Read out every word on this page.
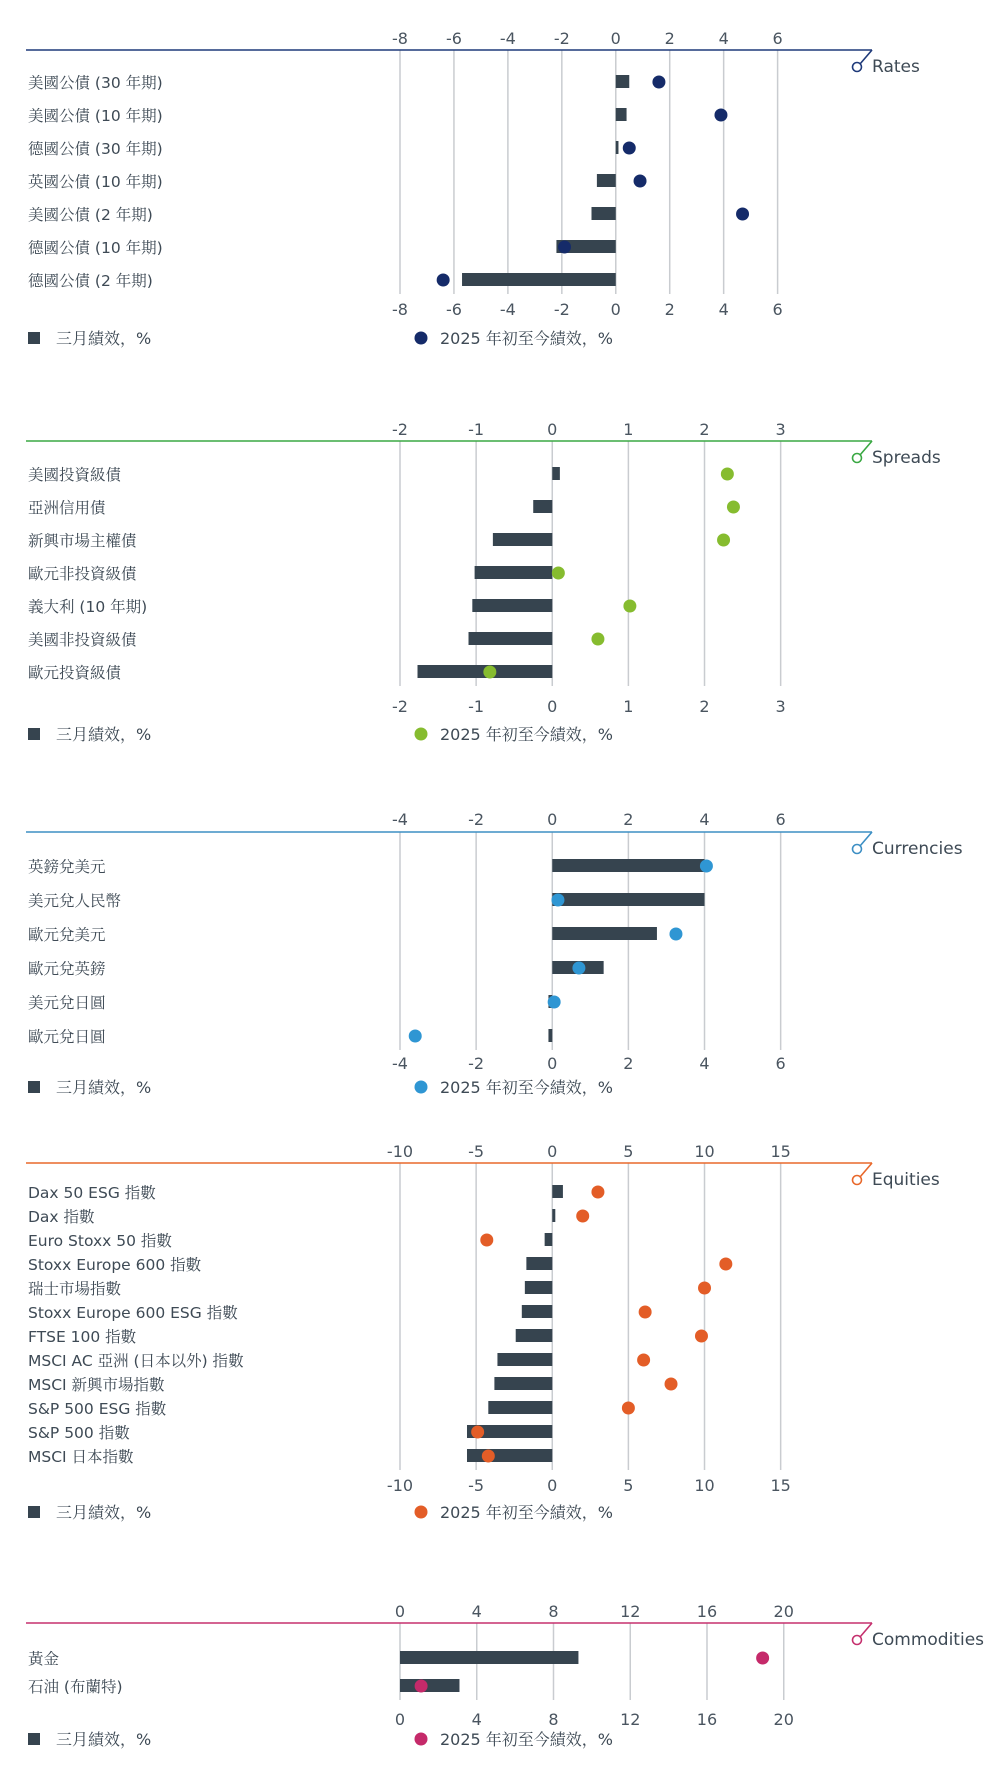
Rates
-8
-8
-6
-6
-4
-4
-2
-2
0
0
2
2
4
4
6
6
美國公債 (30 年期)
美國公債 (10 年期)
德國公債 (30 年期)
英國公債 (10 年期)
美國公債 (2 年期)
德國公債 (10 年期)
德國公債 (2 年期)
三月績效，%	2025 年初至今績效，%
Spreads
-2
-2
-1
-1
0
0
1
1
2
2
3
3
美國投資級債
亞洲信用債
新興市場主權債
歐元非投資級債
義大利 (10 年期)
美國非投資級債
歐元投資級債
三月績效，%	2025 年初至今績效，%
Currencies
-4
-4
-2
-2
0
0
2
2
4
4
6
6
英鎊兌美元
美元兌人民幣
歐元兌美元
歐元兌英鎊
美元兌日圓
歐元兌日圓
三月績效，%	2025 年初至今績效，%
Equities
-10
-10
-5
-5
0
0
5
5
10
10
15
15
Dax 50 ESG 指數
Dax 指數
Euro Stoxx 50 指數
Stoxx Europe 600 指數
瑞士市場指數
Stoxx Europe 600 ESG 指數
FTSE 100 指數
MSCI AC 亞洲 (日本以外) 指數
MSCI 新興市場指數
S&P 500 ESG 指數
S&P 500 指數
MSCI 日本指數
三月績效，%	2025 年初至今績效，%
Commodities
0
0
4
4
8
8
12
12
16
16
20
20
黃金
石油 (布蘭特)
三月績效，%	2025 年初至今績效，%
